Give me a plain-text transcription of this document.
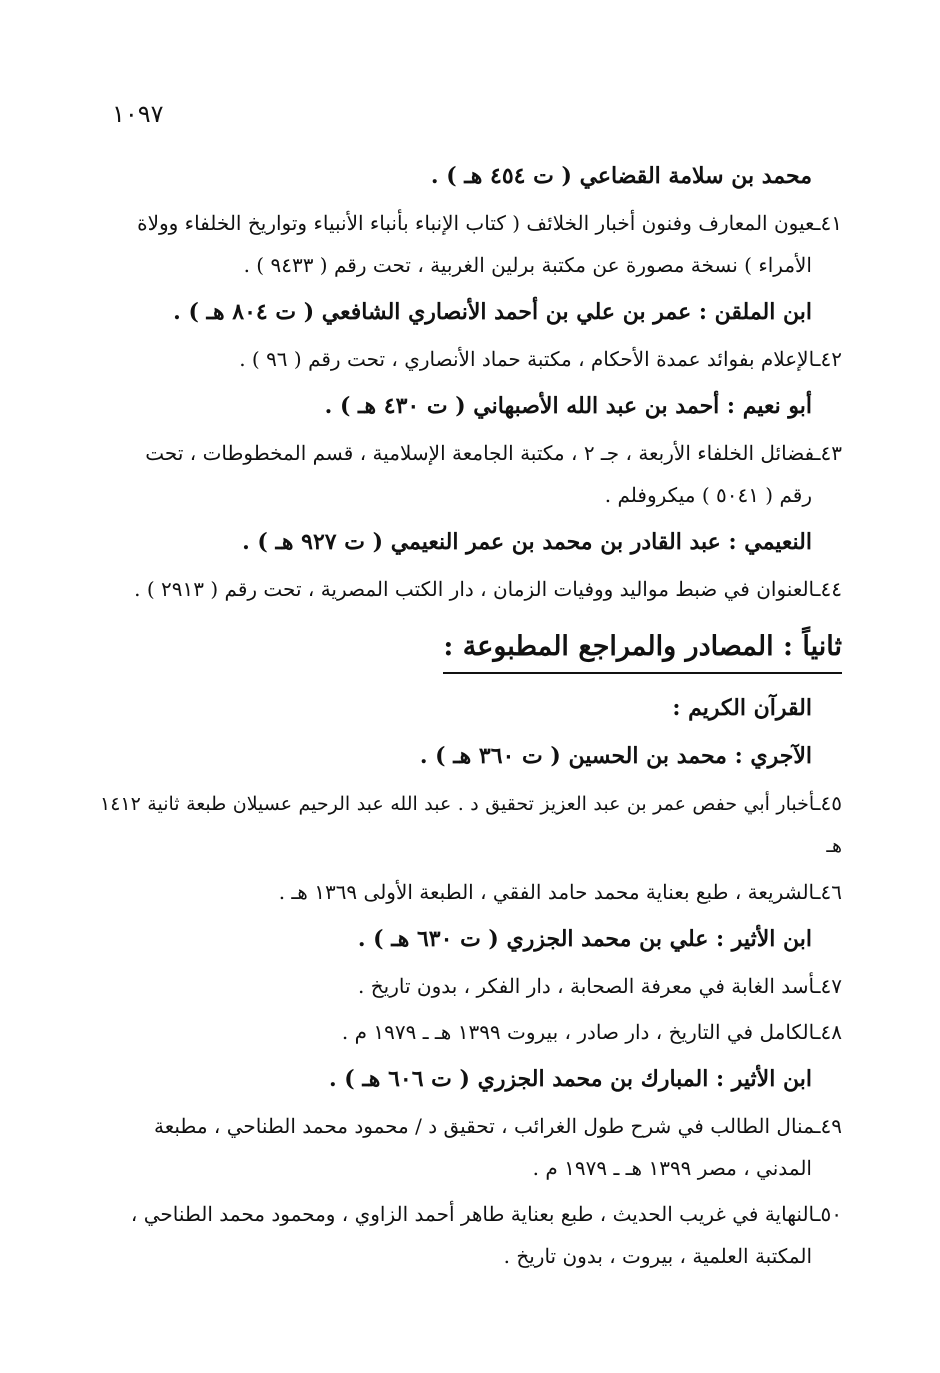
١٠٩٧
محمد بن سلامة القضاعي ( ت ٤٥٤ هـ ) .
٤١ـعيون المعارف وفنون أخبار الخلائف ( كتاب الإنباء بأنباء الأنبياء وتواريخ الخلفاء وولاة
الأمراء ) نسخة مصورة عن مكتبة برلين الغربية ، تحت رقم ( ٩٤٣٣ ) .
ابن الملقن : عمر بن علي بن أحمد الأنصاري الشافعي ( ت ٨٠٤ هـ ) .
٤٢ـالإعلام بفوائد عمدة الأحكام ، مكتبة حماد الأنصاري ، تحت رقم ( ٩٦ ) .
أبو نعيم : أحمد بن عبد الله الأصبهاني ( ت ٤٣٠ هـ ) .
٤٣ـفضائل الخلفاء الأربعة ، جـ ٢ ، مكتبة الجامعة الإسلامية ، قسم المخطوطات ، تحت
رقم ( ٥٠٤١ ) ميكروفلم .
النعيمي : عبد القادر بن محمد بن عمر النعيمي ( ت ٩٢٧ هـ ) .
٤٤ـالعنوان في ضبط مواليد ووفيات الزمان ، دار الكتب المصرية ، تحت رقم ( ٢٩١٣ ) .
ثانياً : المصادر والمراجع المطبوعة :
القرآن الكريم :
الآجري : محمد بن الحسين ( ت ٣٦٠ هـ ) .
٤٥ـأخبار أبي حفص عمر بن عبد العزيز تحقيق د . عبد الله عبد الرحيم عسيلان طبعة ثانية ١٤١٢ هـ
٤٦ـالشريعة ، طبع بعناية محمد حامد الفقي ، الطبعة الأولى ١٣٦٩ هـ .
ابن الأثير : علي بن محمد الجزري ( ت ٦٣٠ هـ ) .
٤٧ـأسد الغابة في معرفة الصحابة ، دار الفكر ، بدون تاريخ .
٤٨ـالكامل في التاريخ ، دار صادر ، بيروت ١٣٩٩ هـ ـ ١٩٧٩ م .
ابن الأثير : المبارك بن محمد الجزري ( ت ٦٠٦ هـ ) .
٤٩ـمنال الطالب في شرح طول الغرائب ، تحقيق د / محمود محمد الطناحي ، مطبعة
المدني ، مصر ١٣٩٩ هـ ـ ١٩٧٩ م .
٥٠ـالنهاية في غريب الحديث ، طبع بعناية طاهر أحمد الزاوي ، ومحمود محمد الطناحي ،
المكتبة العلمية ، بيروت ، بدون تاريخ .
